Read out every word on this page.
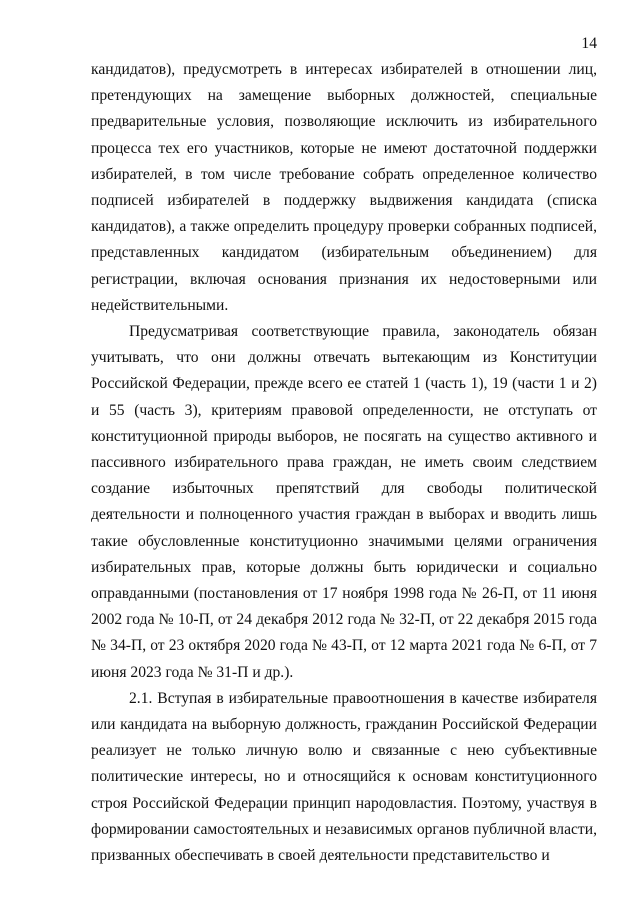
14

кандидатов), предусмотреть в интересах избирателей в отношении лиц, претендующих на замещение выборных должностей, специальные предварительные условия, позволяющие исключить из избирательного процесса тех его участников, которые не имеют достаточной поддержки избирателей, в том числе требование собрать определенное количество подписей избирателей в поддержку выдвижения кандидата (списка кандидатов), а также определить процедуру проверки собранных подписей, представленных кандидатом (избирательным объединением) для регистрации, включая основания признания их недостоверными или недействительными.

Предусматривая соответствующие правила, законодатель обязан учитывать, что они должны отвечать вытекающим из Конституции Российской Федерации, прежде всего ее статей 1 (часть 1), 19 (части 1 и 2) и 55 (часть 3), критериям правовой определенности, не отступать от конституционной природы выборов, не посягать на существо активного и пассивного избирательного права граждан, не иметь своим следствием создание избыточных препятствий для свободы политической деятельности и полноценного участия граждан в выборах и вводить лишь такие обусловленные конституционно значимыми целями ограничения избирательных прав, которые должны быть юридически и социально оправданными (постановления от 17 ноября 1998 года № 26-П, от 11 июня 2002 года № 10-П, от 24 декабря 2012 года № 32-П, от 22 декабря 2015 года № 34-П, от 23 октября 2020 года № 43-П, от 12 марта 2021 года № 6-П, от 7 июня 2023 года № 31-П и др.).

2.1. Вступая в избирательные правоотношения в качестве избирателя или кандидата на выборную должность, гражданин Российской Федерации реализует не только личную волю и связанные с нею субъективные политические интересы, но и относящийся к основам конституционного строя Российской Федерации принцип народовластия. Поэтому, участвуя в формировании самостоятельных и независимых органов публичной власти, призванных обеспечивать в своей деятельности представительство и
